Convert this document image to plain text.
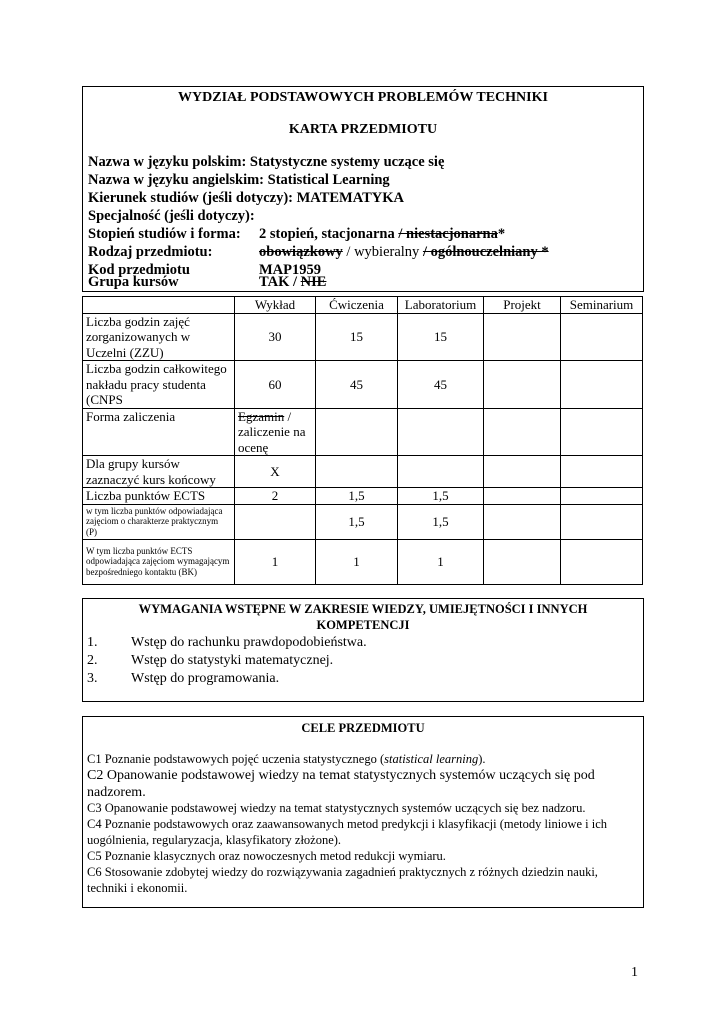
WYDZIAŁ PODSTAWOWYCH PROBLEMÓW TECHNIKI
KARTA PRZEDMIOTU
Nazwa w języku polskim: Statystyczne systemy uczące się
Nazwa w języku angielskim: Statistical Learning
Kierunek studiów (jeśli dotyczy): MATEMATYKA
Specjalność (jeśli dotyczy):
Stopień studiów i forma: 2 stopień, stacjonarna / niestacjonarna*
Rodzaj przedmiotu:	obowiązkowy / wybieralny / ogólnouczelniany *
Kod przedmiotu	MAP1959
Grupa kursów	TAK / NIE
	Wykład	Ćwiczenia	Laboratorium	Projekt	Seminarium
Liczba godzin zajęć zorganizowanych w Uczelni (ZZU)	30	15	15		
Liczba godzin całkowitego nakładu pracy studenta (CNPS	60	45	45		
Forma zaliczenia	Egzamin / zaliczenie na ocenę				
Dla grupy kursów zaznaczyć kurs końcowy	X				
Liczba punktów ECTS	2	1,5	1,5		
w tym liczba punktów odpowiadająca zajęciom o charakterze praktycznym (P)		1,5	1,5		
W tym liczba punktów ECTS odpowiadająca zajęciom wymagającym bezpośredniego kontaktu (BK)	1	1	1		
WYMAGANIA WSTĘPNE W ZAKRESIE WIEDZY, UMIEJĘTNOŚCI I INNYCH KOMPETENCJI
1. Wstęp do rachunku prawdopodobieństwa.
2. Wstęp do statystyki matematycznej.
3. Wstęp do programowania.
CELE PRZEDMIOTU
C1 Poznanie podstawowych pojęć uczenia statystycznego (statistical learning).
C2 Opanowanie podstawowej wiedzy na temat statystycznych systemów uczących się pod nadzorem.
C3 Opanowanie podstawowej wiedzy na temat statystycznych systemów uczących się bez nadzoru.
C4 Poznanie podstawowych oraz zaawansowanych metod predykcji i klasyfikacji (metody liniowe i ich uogólnienia, regularyzacja, klasyfikatory złożone).
C5 Poznanie klasycznych oraz nowoczesnych metod redukcji wymiaru.
C6 Stosowanie zdobytej wiedzy do rozwiązywania zagadnień praktycznych z różnych dziedzin nauki, techniki i ekonomii.
1
